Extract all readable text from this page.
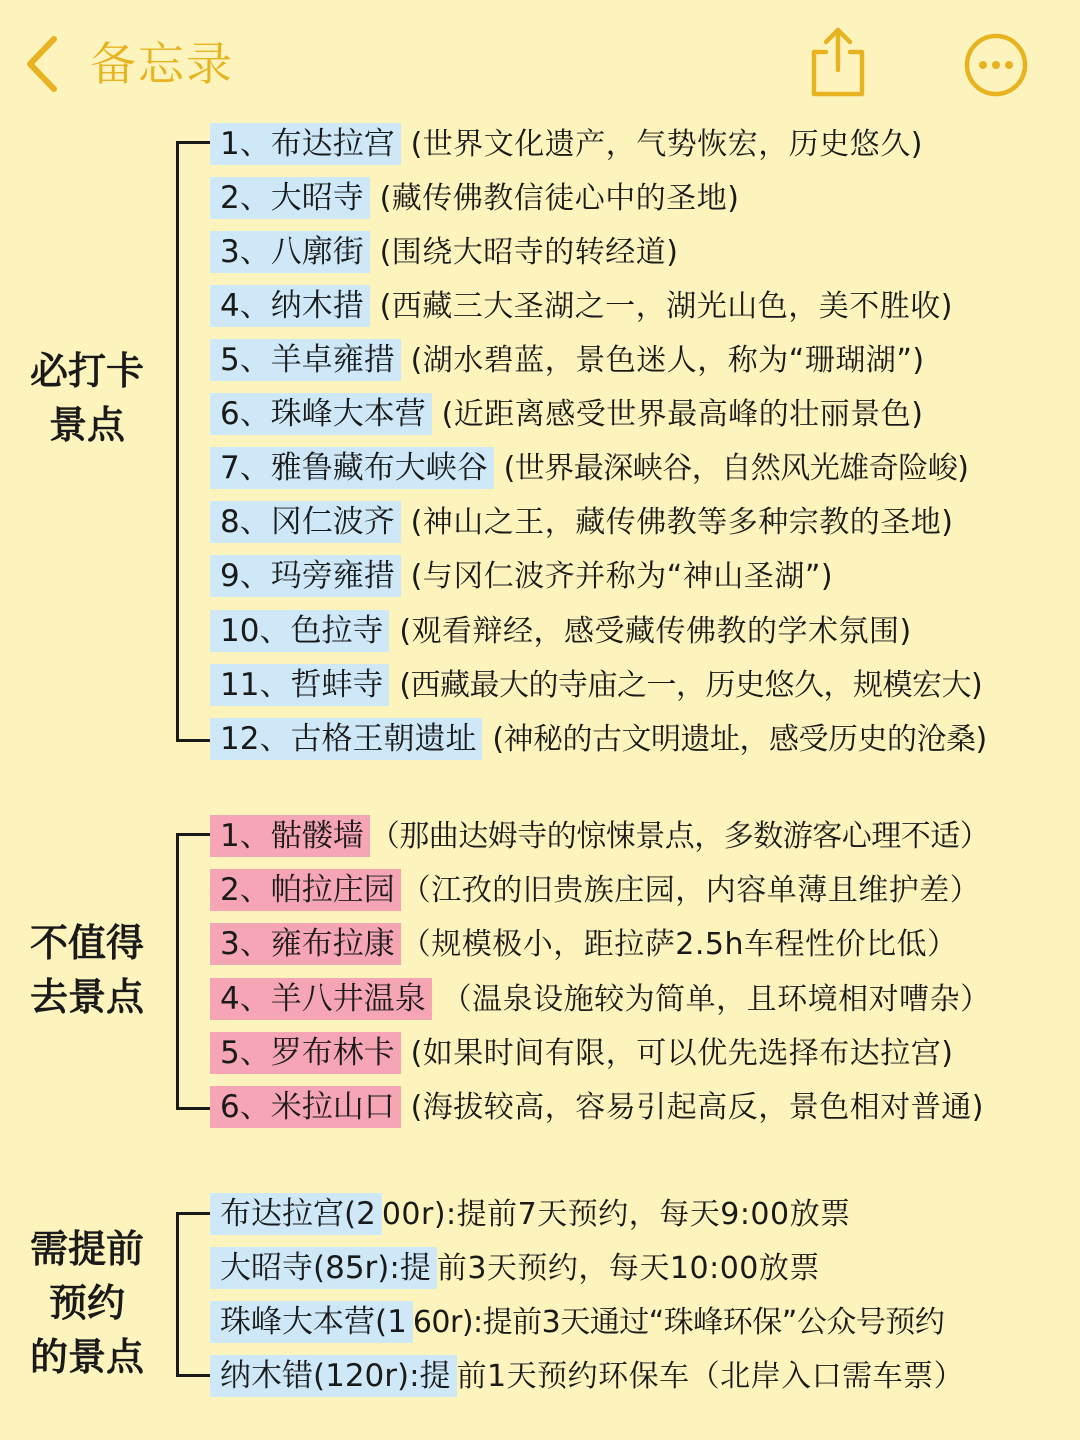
备忘录
必打卡
景点
1、布达拉宫 (世界文化遗产，气势恢宏，历史悠久)
2、大昭寺 (藏传佛教信徒心中的圣地)
3、八廓街 (围绕大昭寺的转经道)
4、纳木措 (西藏三大圣湖之一，湖光山色，美不胜收)
5、羊卓雍措 (湖水碧蓝，景色迷人，称为“珊瑚湖”)
6、珠峰大本营 (近距离感受世界最高峰的壮丽景色)
7、雅鲁藏布大峡谷 (世界最深峡谷，自然风光雄奇险峻)
8、冈仁波齐 (神山之王，藏传佛教等多种宗教的圣地)
9、玛旁雍措 (与冈仁波齐并称为“神山圣湖”)
10、色拉寺 (观看辩经，感受藏传佛教的学术氛围)
11、哲蚌寺 (西藏最大的寺庙之一，历史悠久，规模宏大)
12、古格王朝遗址 (神秘的古文明遗址，感受历史的沧桑)
不值得
去景点
1、骷髅墙 （那曲达姆寺的惊悚景点，多数游客心理不适）
2、帕拉庄园 （江孜的旧贵族庄园，内容单薄且维护差）
3、雍布拉康 （规模极小，距拉萨2.5h车程性价比低）
4、羊八井温泉 （温泉设施较为简单，且环境相对嘈杂）
5、罗布林卡 (如果时间有限，可以优先选择布达拉宫)
6、米拉山口 (海拔较高，容易引起高反，景色相对普通)
需提前
预约
的景点
布达拉宫(2 00r):提前7天预约，每天9:00放票
大昭寺(85r):提 前3天预约，每天10:00放票
珠峰大本营(1 60r):提前3天通过“珠峰环保”公众号预约
纳木错(120r):提 前1天预约环保车（北岸入口需车票）
